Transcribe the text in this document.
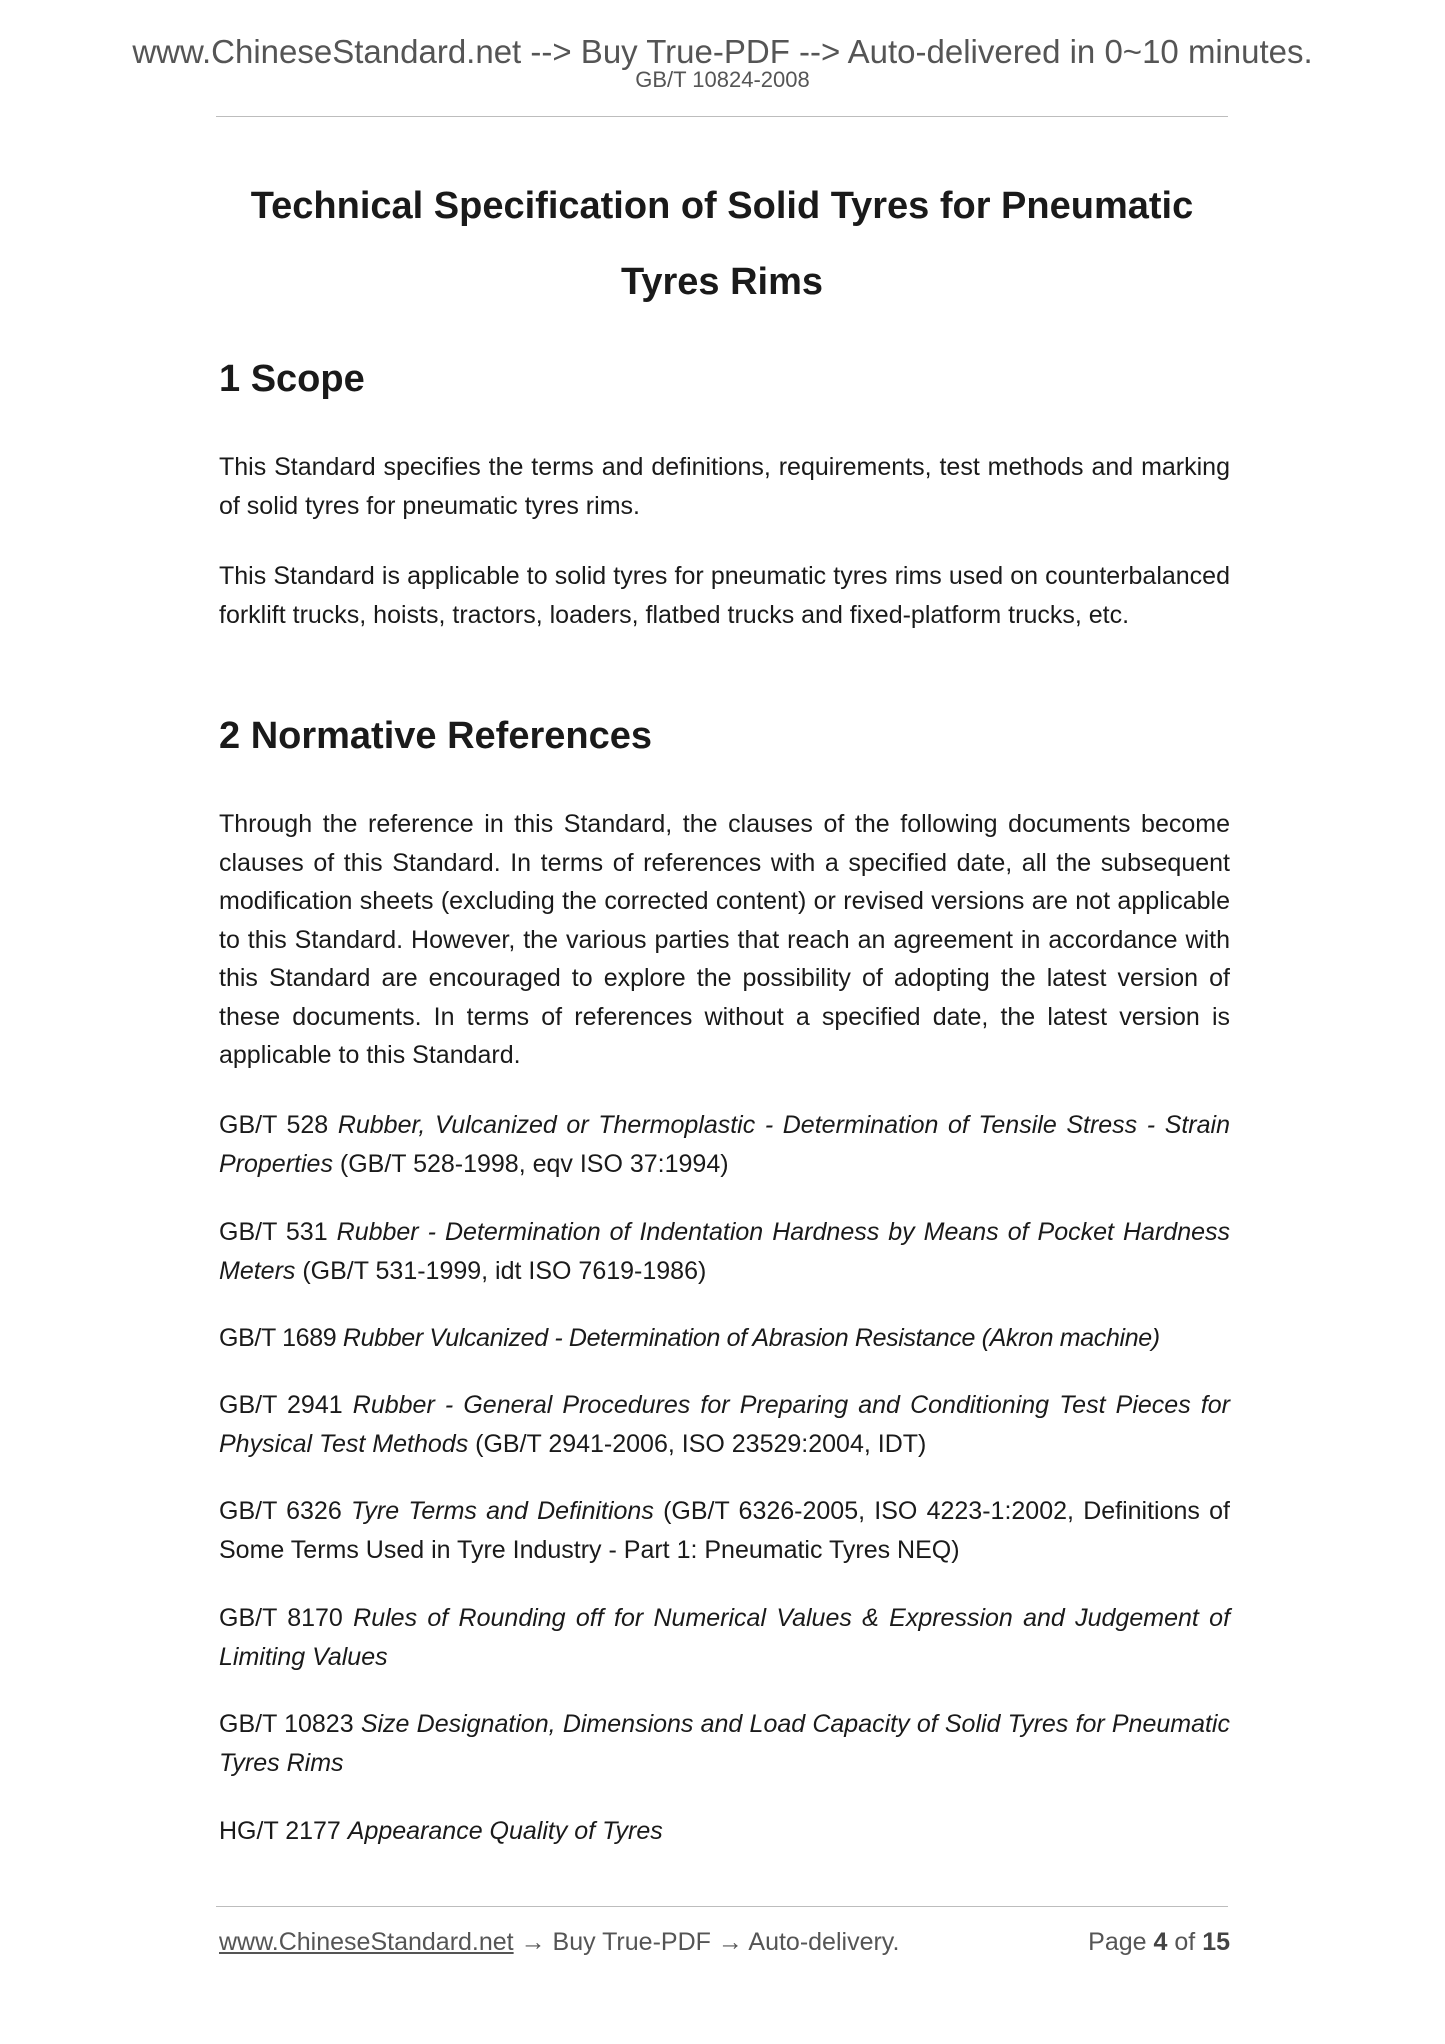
www.ChineseStandard.net --> Buy True-PDF --> Auto-delivered in 0~10 minutes.
GB/T 10824-2008
Technical Specification of Solid Tyres for Pneumatic
Tyres Rims
1 Scope
This Standard specifies the terms and definitions, requirements, test methods and marking of solid tyres for pneumatic tyres rims.
This Standard is applicable to solid tyres for pneumatic tyres rims used on counterbalanced forklift trucks, hoists, tractors, loaders, flatbed trucks and fixed-platform trucks, etc.
2 Normative References
Through the reference in this Standard, the clauses of the following documents become clauses of this Standard. In terms of references with a specified date, all the subsequent modification sheets (excluding the corrected content) or revised versions are not applicable to this Standard. However, the various parties that reach an agreement in accordance with this Standard are encouraged to explore the possibility of adopting the latest version of these documents. In terms of references without a specified date, the latest version is applicable to this Standard.
GB/T 528 Rubber, Vulcanized or Thermoplastic - Determination of Tensile Stress - Strain Properties (GB/T 528-1998, eqv ISO 37:1994)
GB/T 531 Rubber - Determination of Indentation Hardness by Means of Pocket Hardness Meters (GB/T 531-1999, idt ISO 7619-1986)
GB/T 1689 Rubber Vulcanized - Determination of Abrasion Resistance (Akron machine)
GB/T 2941 Rubber - General Procedures for Preparing and Conditioning Test Pieces for Physical Test Methods (GB/T 2941-2006, ISO 23529:2004, IDT)
GB/T 6326 Tyre Terms and Definitions (GB/T 6326-2005, ISO 4223-1:2002, Definitions of Some Terms Used in Tyre Industry - Part 1: Pneumatic Tyres NEQ)
GB/T 8170 Rules of Rounding off for Numerical Values & Expression and Judgement of Limiting Values
GB/T 10823 Size Designation, Dimensions and Load Capacity of Solid Tyres for Pneumatic Tyres Rims
HG/T 2177 Appearance Quality of Tyres
www.ChineseStandard.net → Buy True-PDF → Auto-delivery.	Page 4 of 15
